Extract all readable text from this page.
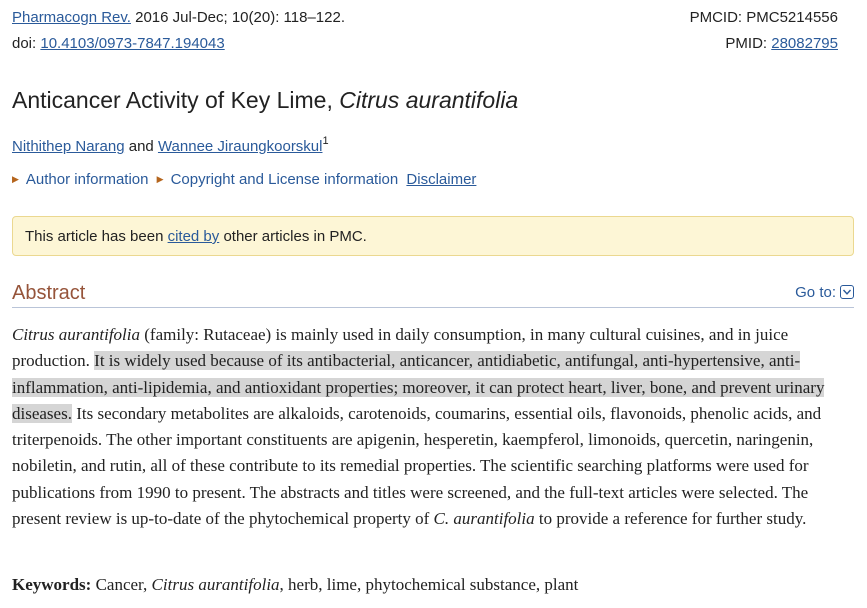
Pharmacogn Rev. 2016 Jul-Dec; 10(20): 118–122.	PMCID: PMC5214556
doi: 10.4103/0973-7847.194043	PMID: 28082795
Anticancer Activity of Key Lime, Citrus aurantifolia
Nithithep Narang and Wannee Jiraungkoorskul$^1$
▶ Author information ▶ Copyright and License information Disclaimer
This article has been cited by other articles in PMC.
Abstract	Go to:

Citrus aurantifolia (family: Rutaceae) is mainly used in daily consumption, in many cultural cuisines, and in juice production. It is widely used because of its antibacterial, anticancer, antidiabetic, antifungal, anti-hypertensive, anti-inflammation, anti-lipidemia, and antioxidant properties; moreover, it can protect heart, liver, bone, and prevent urinary diseases. Its secondary metabolites are alkaloids, carotenoids, coumarins, essential oils, flavonoids, phenolic acids, and triterpenoids. The other important constituents are apigenin, hesperetin, kaempferol, limonoids, quercetin, naringenin, nobiletin, and rutin, all of these contribute to its remedial properties. The scientific searching platforms were used for publications from 1990 to present. The abstracts and titles were screened, and the full-text articles were selected. The present review is up-to-date of the phytochemical property of C. aurantifolia to provide a reference for further study.

Keywords: Cancer, Citrus aurantifolia, herb, lime, phytochemical substance, plant
